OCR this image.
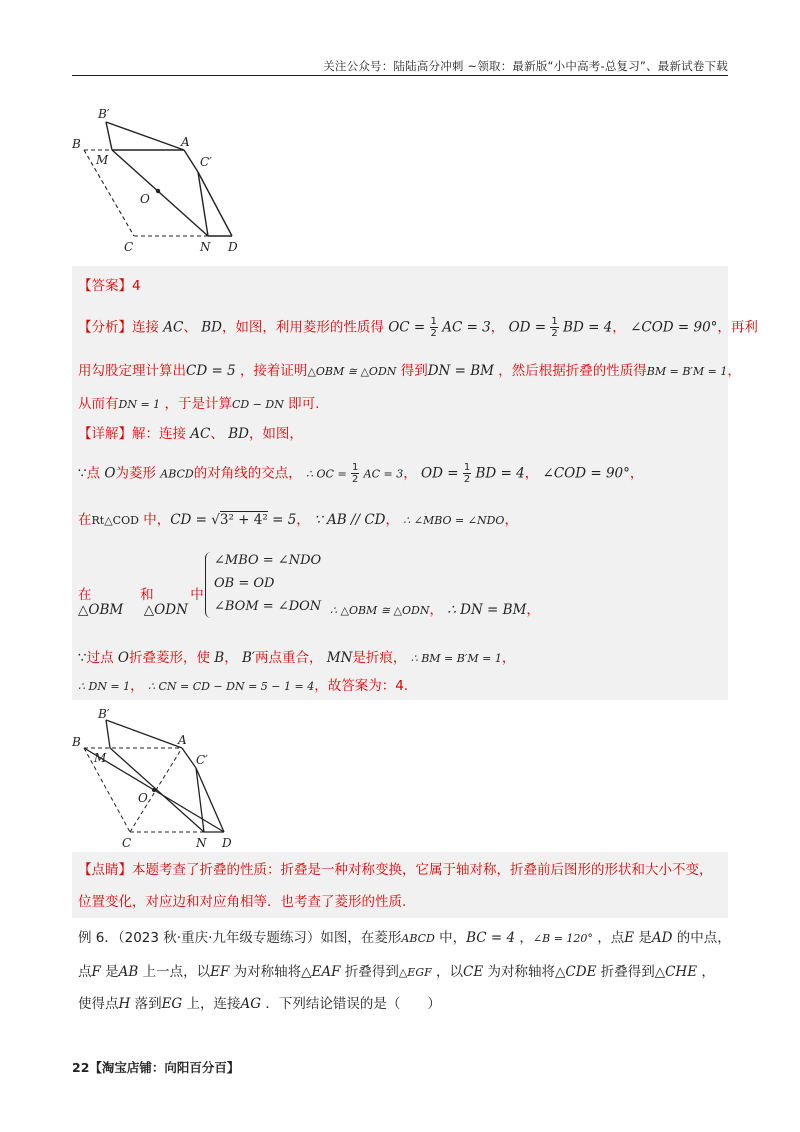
关注公众号：陆陆高分冲刺 ~领取：最新版“小中高考-总复习”、最新试卷下载
B′
B	A
M	C′
O
C	N D
【答案】4
【分析】连接 AC、 BD，如图，利用菱形的性质得 OC = $\frac{1}{2}$ AC = 3， OD = $\frac{1}{2}$ BD = 4， ∠COD = 90°，再利
用勾股定理计算出CD = 5 ，接着证明△OBM ≅ △ODN 得到DN = BM ，然后根据折叠的性质得BM = B′M = 1，
从而有DN = 1 ，于是计算CD − DN 即可.
【详解】解：连接 AC、 BD，如图，
∵点 O为菱形 ABCD的对角线的交点， ∴ OC = $\frac{1}{2}$ AC = 3， OD = $\frac{1}{2}$ BD = 4， ∠COD = 90°，
在Rt△COD 中，CD = √3² + 4² = 5， ∵ AB // CD， ∴ ∠MBO = ∠NDO，
∠MBO = ∠NDO
OB = OD
∠BOM = ∠DON
在	和	中
△OBM △ODN	∴ △OBM ≅ △ODN， ∴ DN = BM，
∵过点 O折叠菱形，使 B， B′两点重合， MN是折痕， ∴ BM = B′M = 1，
∴ DN = 1， ∴ CN = CD − DN = 5 − 1 = 4，故答案为：4.
B′
B	A
M	C′
O
C	N D
【点睛】本题考查了折叠的性质：折叠是一种对称变换，它属于轴对称，折叠前后图形的形状和大小不变，
位置变化，对应边和对应角相等．也考查了菱形的性质.
例 6．（2023 秋·重庆·九年级专题练习）如图，在菱形ABCD 中，BC = 4 ，∠B = 120° ，点E 是AD 的中点，
点F 是AB 上一点，以EF 为对称轴将△EAF 折叠得到△EGF ，以CE 为对称轴将△CDE 折叠得到△CHE ，
使得点H 落到EG 上，连接AG ．下列结论错误的是（　　）
22【淘宝店铺：向阳百分百】
